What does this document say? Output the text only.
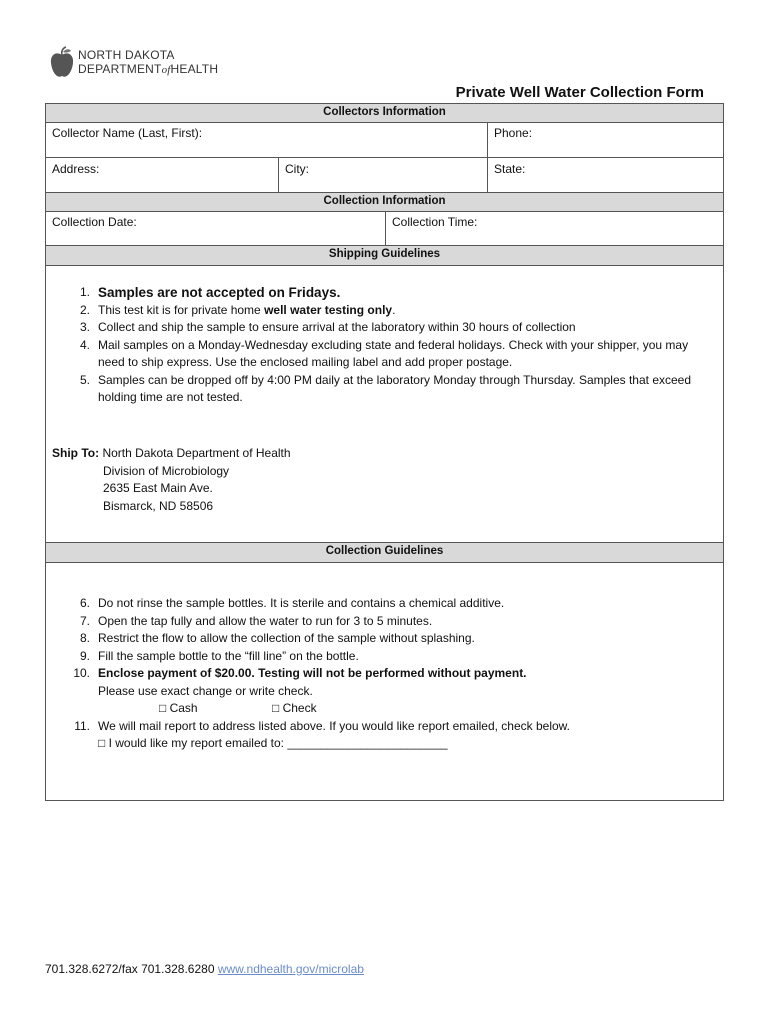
NORTH DAKOTA
DEPARTMENTofHEALTH
Private Well Water Collection Form
Collectors Information
Collector Name (Last, First):	Phone:
Address:	City:	State:
Collection Information
Collection Date:	Collection Time:
Shipping Guidelines
1. Samples are not accepted on Fridays.
2. This test kit is for private home well water testing only.
3. Collect and ship the sample to ensure arrival at the laboratory within 30 hours of collection
4. Mail samples on a Monday-Wednesday excluding state and federal holidays. Check with your shipper, you may need to ship express. Use the enclosed mailing label and add proper postage.
5. Samples can be dropped off by 4:00 PM daily at the laboratory Monday through Thursday. Samples that exceed holding time are not tested.
Ship To: North Dakota Department of Health
Division of Microbiology
2635 East Main Ave.
Bismarck, ND 58506
Collection Guidelines
6. Do not rinse the sample bottles. It is sterile and contains a chemical additive.
7. Open the tap fully and allow the water to run for 3 to 5 minutes.
8. Restrict the flow to allow the collection of the sample without splashing.
9. Fill the sample bottle to the “fill line” on the bottle.
10. Enclose payment of $20.00. Testing will not be performed without payment.
Please use exact change or write check.
□ Cash	□ Check
11. We will mail report to address listed above. If you would like report emailed, check below.
□ I would like my report emailed to: ________________________
701.328.6272/fax 701.328.6280 www.ndhealth.gov/microlab
